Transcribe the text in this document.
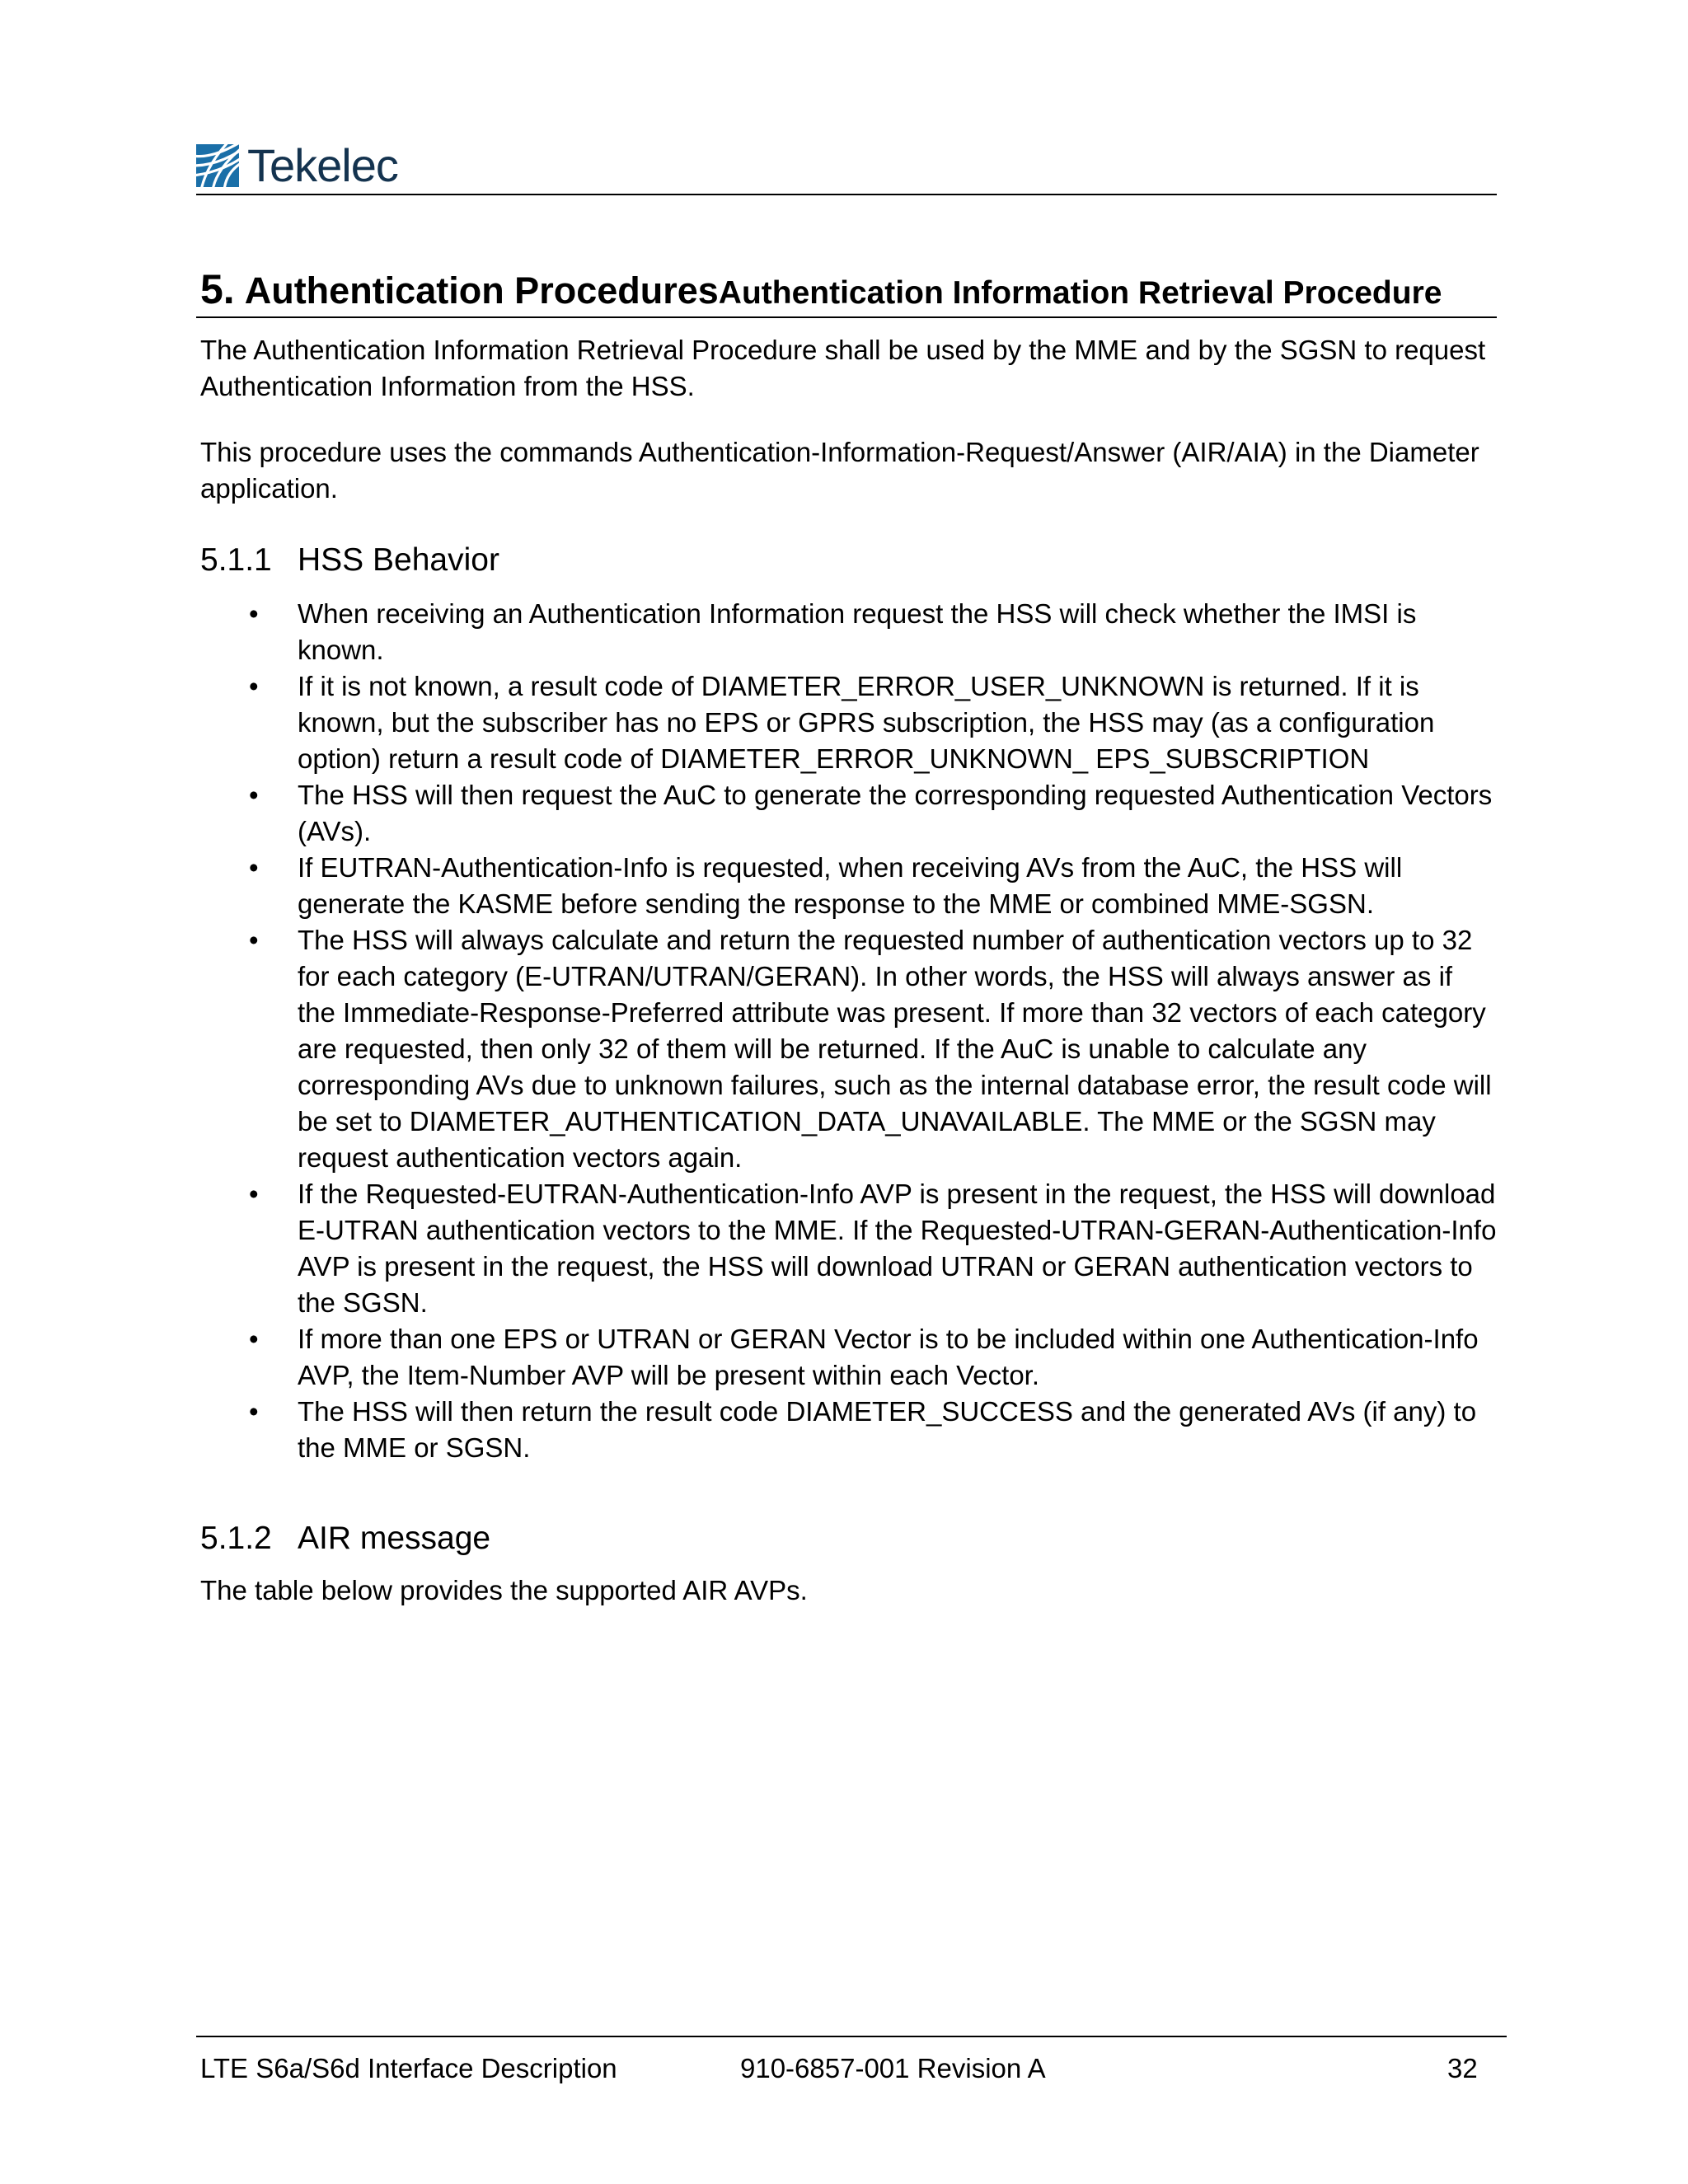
Tekelec
5. Authentication ProceduresAuthentication Information Retrieval Procedure

The Authentication Information Retrieval Procedure shall be used by the MME and by the SGSN to request Authentication Information from the HSS.

This procedure uses the commands Authentication-Information-Request/Answer (AIR/AIA) in the Diameter application.

5.1.1 HSS Behavior
• When receiving an Authentication Information request the HSS will check whether the IMSI is known.
• If it is not known, a result code of DIAMETER_ERROR_USER_UNKNOWN is returned. If it is known, but the subscriber has no EPS or GPRS subscription, the HSS may (as a configuration option) return a result code of DIAMETER_ERROR_UNKNOWN_ EPS_SUBSCRIPTION
• The HSS will then request the AuC to generate the corresponding requested Authentication Vectors (AVs).
• If EUTRAN-Authentication-Info is requested, when receiving AVs from the AuC, the HSS will generate the KASME before sending the response to the MME or combined MME-SGSN.
• The HSS will always calculate and return the requested number of authentication vectors up to 32 for each category (E-UTRAN/UTRAN/GERAN). In other words, the HSS will always answer as if the Immediate-Response-Preferred attribute was present. If more than 32 vectors of each category are requested, then only 32 of them will be returned. If the AuC is unable to calculate any corresponding AVs due to unknown failures, such as the internal database error, the result code will be set to DIAMETER_AUTHENTICATION_DATA_UNAVAILABLE. The MME or the SGSN may request authentication vectors again.
• If the Requested-EUTRAN-Authentication-Info AVP is present in the request, the HSS will download E-UTRAN authentication vectors to the MME. If the Requested-UTRAN-GERAN-Authentication-Info AVP is present in the request, the HSS will download UTRAN or GERAN authentication vectors to the SGSN.
• If more than one EPS or UTRAN or GERAN Vector is to be included within one Authentication-Info AVP, the Item-Number AVP will be present within each Vector.
• The HSS will then return the result code DIAMETER_SUCCESS and the generated AVs (if any) to the MME or SGSN.
5.1.2 AIR message

The table below provides the supported AIR AVPs.

LTE S6a/S6d Interface Description	910-6857-001 Revision A	32
